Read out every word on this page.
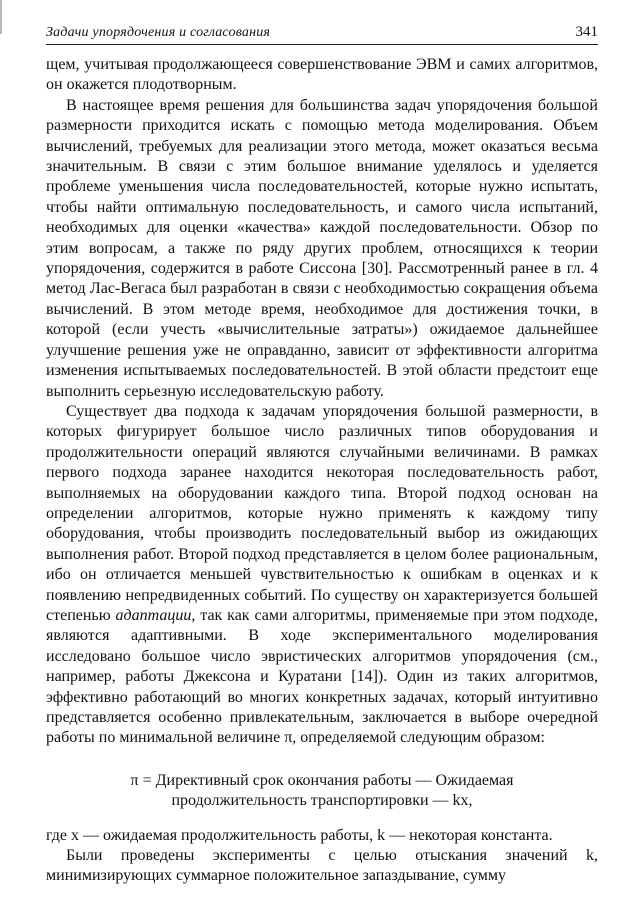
Задачи упорядочения и согласования	341

щем, учитывая продолжающееся совершенствование ЭВМ и самих алгоритмов, он окажется плодотворным.

В настоящее время решения для большинства задач упорядочения большой размерности приходится искать с помощью метода моделирования. Объем вычислений, требуемых для реализации этого метода, может оказаться весьма значительным. В связи с этим большое внимание уделялось и уделяется проблеме уменьшения числа последовательностей, которые нужно испытать, чтобы найти оптимальную последовательность, и самого числа испытаний, необходимых для оценки «качества» каждой последовательности. Обзор по этим вопросам, а также по ряду других проблем, относящихся к теории упорядочения, содержится в работе Сиссона [30]. Рассмотренный ранее в гл. 4 метод Лас-Вегаса был разработан в связи с необходимостью сокращения объема вычислений. В этом методе время, необходимое для достижения точки, в которой (если учесть «вычислительные затраты») ожидаемое дальнейшее улучшение решения уже не оправданно, зависит от эффективности алгоритма изменения испытываемых последовательностей. В этой области предстоит еще выполнить серьезную исследовательскую работу.

Существует два подхода к задачам упорядочения большой размерности, в которых фигурирует большое число различных типов оборудования и продолжительности операций являются случайными величинами. В рамках первого подхода заранее находится некоторая последовательность работ, выполняемых на оборудовании каждого типа. Второй подход основан на определении алгоритмов, которые нужно применять к каждому типу оборудования, чтобы производить последовательный выбор из ожидающих выполнения работ. Второй подход представляется в целом более рациональным, ибо он отличается меньшей чувствительностью к ошибкам в оценках и к появлению непредвиденных событий. По существу он характеризуется большей степенью адаптации, так как сами алгоритмы, применяемые при этом подходе, являются адаптивными. В ходе экспериментального моделирования исследовано большое число эвристических алгоритмов упорядочения (см., например, работы Джексона и Куратани [14]). Один из таких алгоритмов, эффективно работающий во многих конкретных задачах, который интуитивно представляется особенно привлекательным, заключается в выборе очередной работы по минимальной величине π, определяемой следующим образом:

π = Директивный срок окончания работы — Ожидаемая
продолжительность транспортировки — kx,

где x — ожидаемая продолжительность работы, k — некоторая константа.

Были проведены эксперименты с целью отыскания значений k, минимизирующих суммарное положительное запаздывание, сумму
